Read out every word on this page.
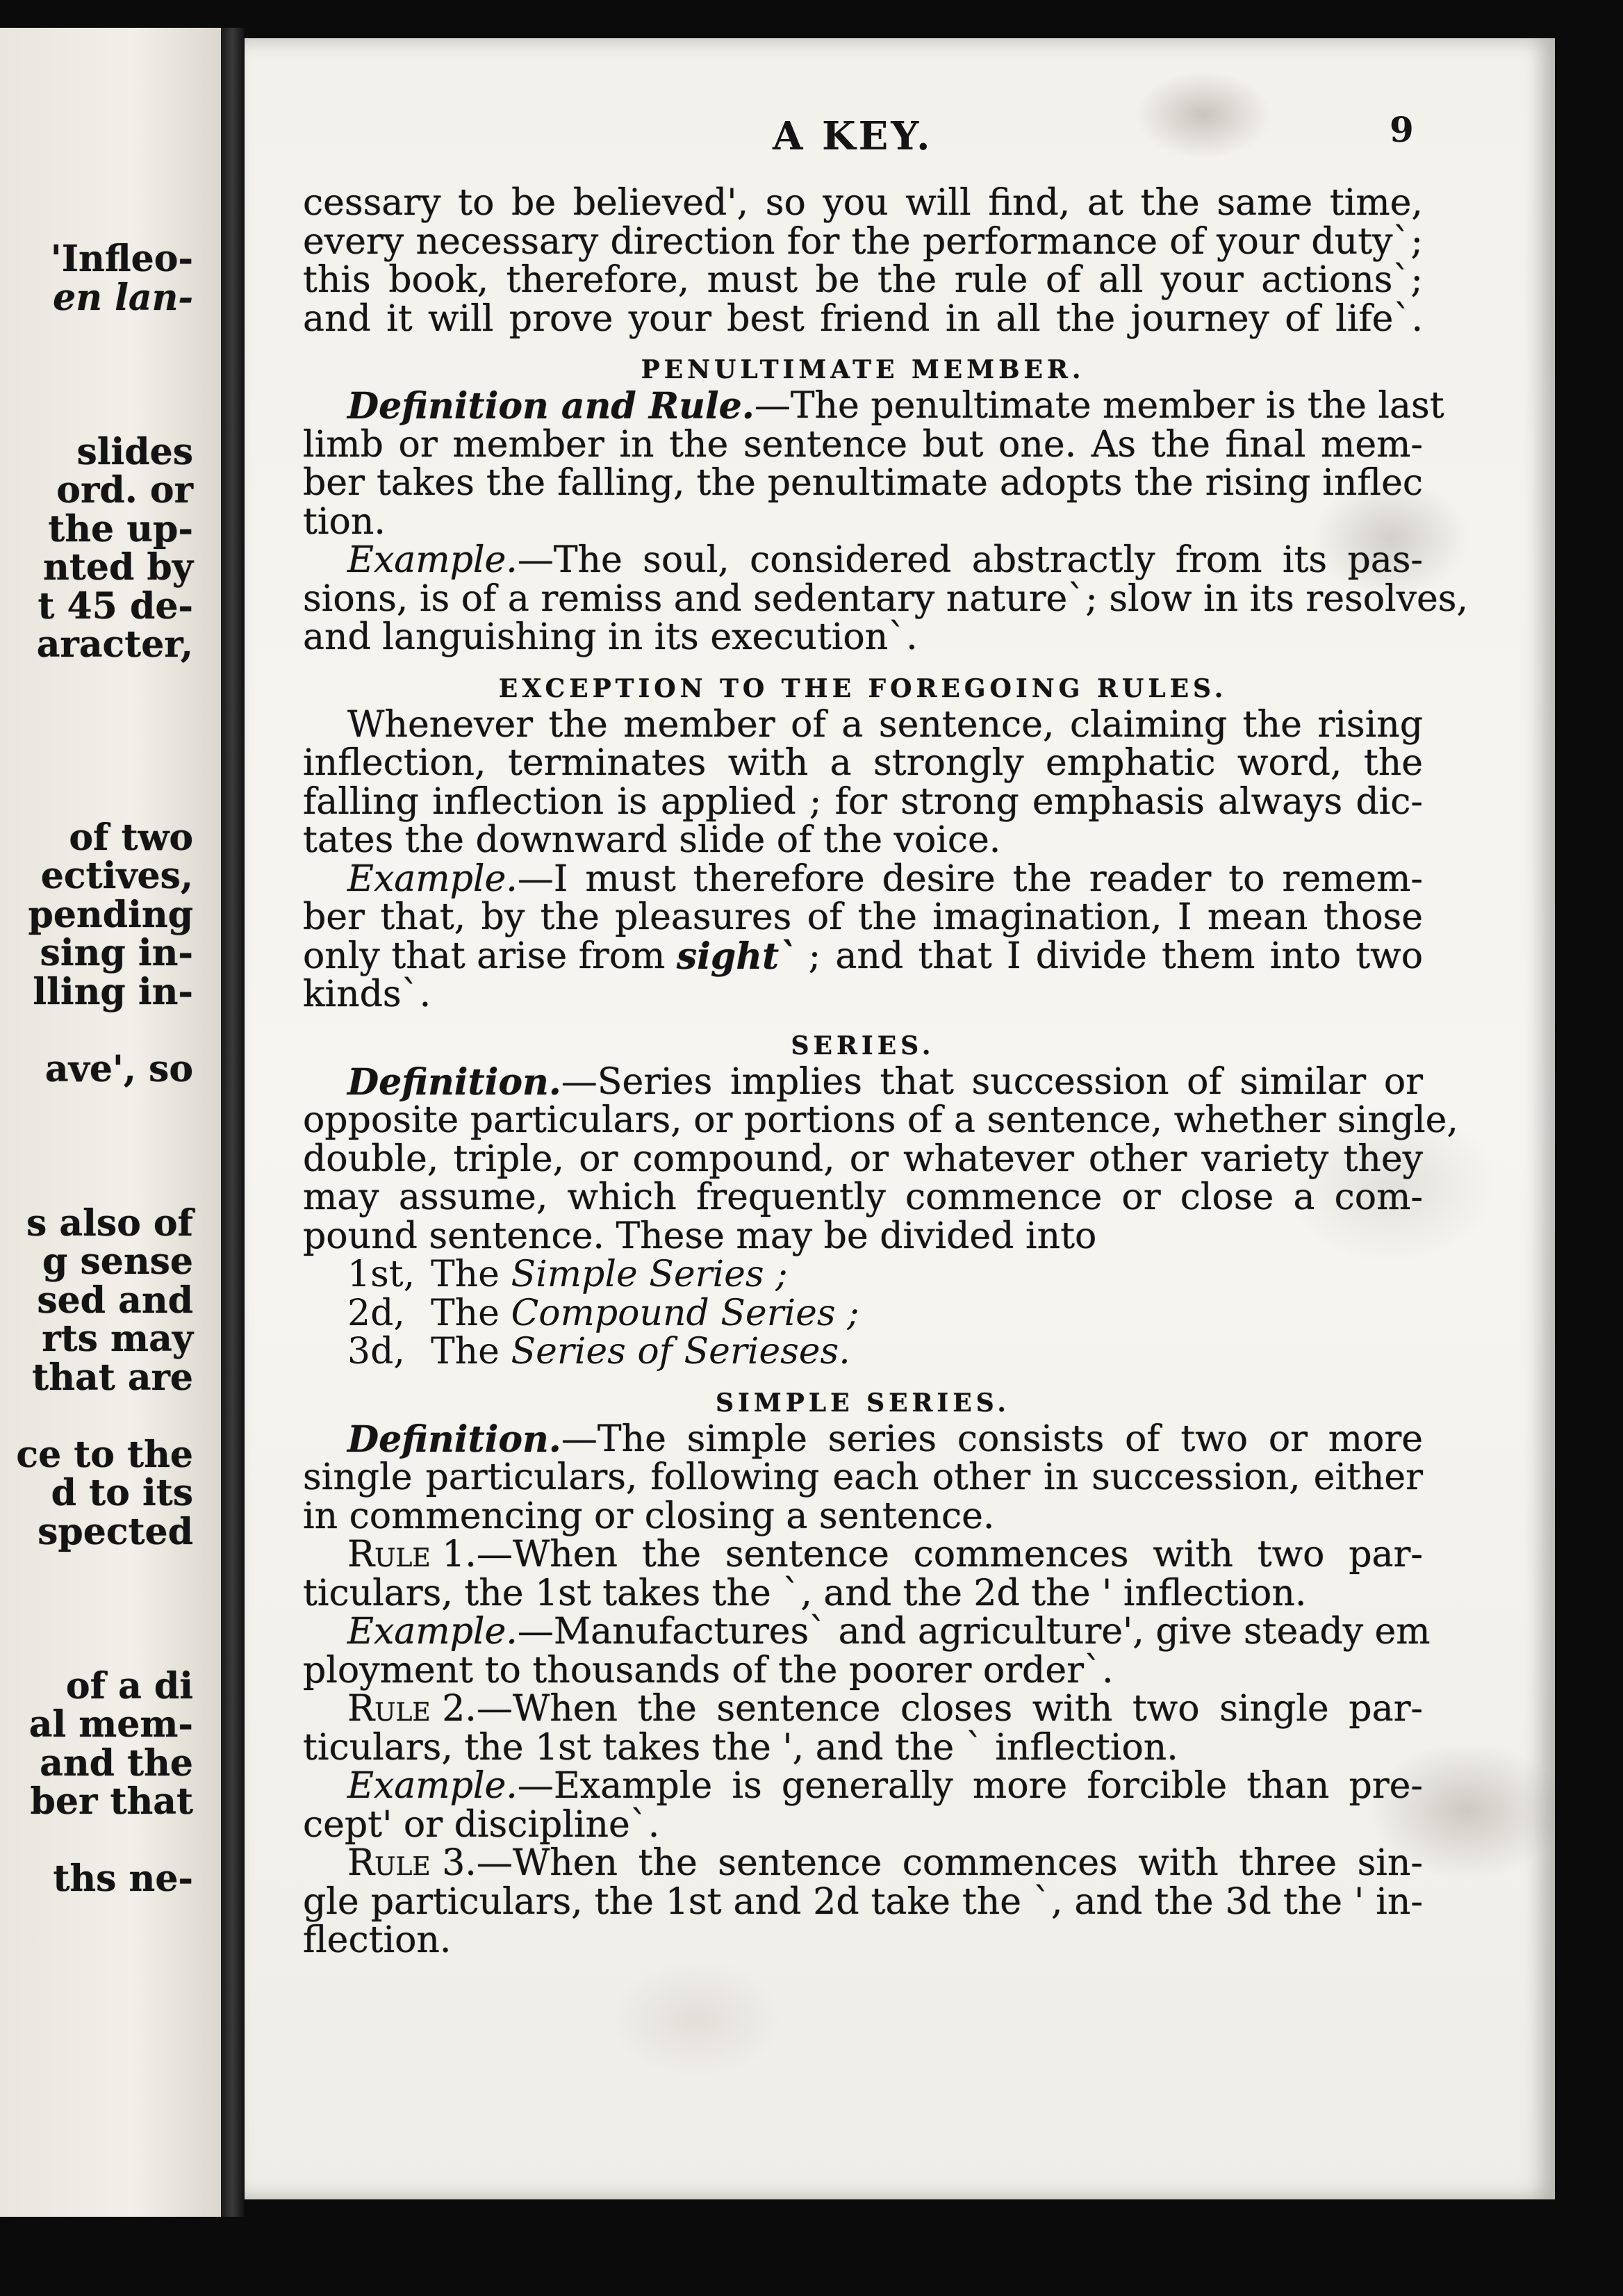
'Infleo-
en lan-
slides
ord. or
the up-
nted by
t 45 de-
aracter,
of two
ectives,
pending
sing in-
lling in-
ave', so
s also of
g sense
sed and
rts may
that are
ce to the
d to its
spected
of a di
al mem-
and the
ber that
ths ne-
A KEY.	9
cessary to be believed', so you will find, at the same time,
every necessary direction for the performance of your duty`;
this book, therefore, must be the rule of all your actions`;
and it will prove your best friend in all the journey of life`.
PENULTIMATE MEMBER.
Definition and Rule. —The penultimate member is the last
limb or member in the sentence but one. As the final mem-
ber takes the falling, the penultimate adopts the rising inflec
tion.
Example. —The soul, considered abstractly from its pas-
sions, is of a remiss and sedentary nature`; slow in its resolves,
and languishing in its execution`.
EXCEPTION TO THE FOREGOING RULES.
Whenever the member of a sentence, claiming the rising
inflection, terminates with a strongly emphatic word, the
falling inflection is applied ; for strong emphasis always dic-
tates the downward slide of the voice.
Example. —I must therefore desire the reader to remem-
ber that, by the pleasures of the imagination, I mean those
only that arise from
sight`
; and that I divide them into two
kinds`.
SERIES.
Definition. —Series implies that succession of similar or
opposite particulars, or portions of a sentence, whether single,
double, triple, or compound, or whatever other variety they
may assume, which frequently commence or close a com-
pound sentence. These may be divided into
1st, The Simple Series ;
2d, The Compound Series ;
3d, The Series of Serieses.
SIMPLE SERIES.
Definition. —The simple series consists of two or more
single particulars, following each other in succession, either
in commencing or closing a sentence.
Rule 1. —When the sentence commences with two par-
ticulars, the 1st takes the `, and the 2d the ' inflection.
Example. —Manufactures` and agriculture', give steady em
ployment to thousands of the poorer order`.
Rule 2. —When the sentence closes with two single par-
ticulars, the 1st takes the ', and the ` inflection.
Example. —Example is generally more forcible than pre-
cept' or discipline`.
Rule 3. —When the sentence commences with three sin-
gle particulars, the 1st and 2d take the `, and the 3d the ' in-
flection.
